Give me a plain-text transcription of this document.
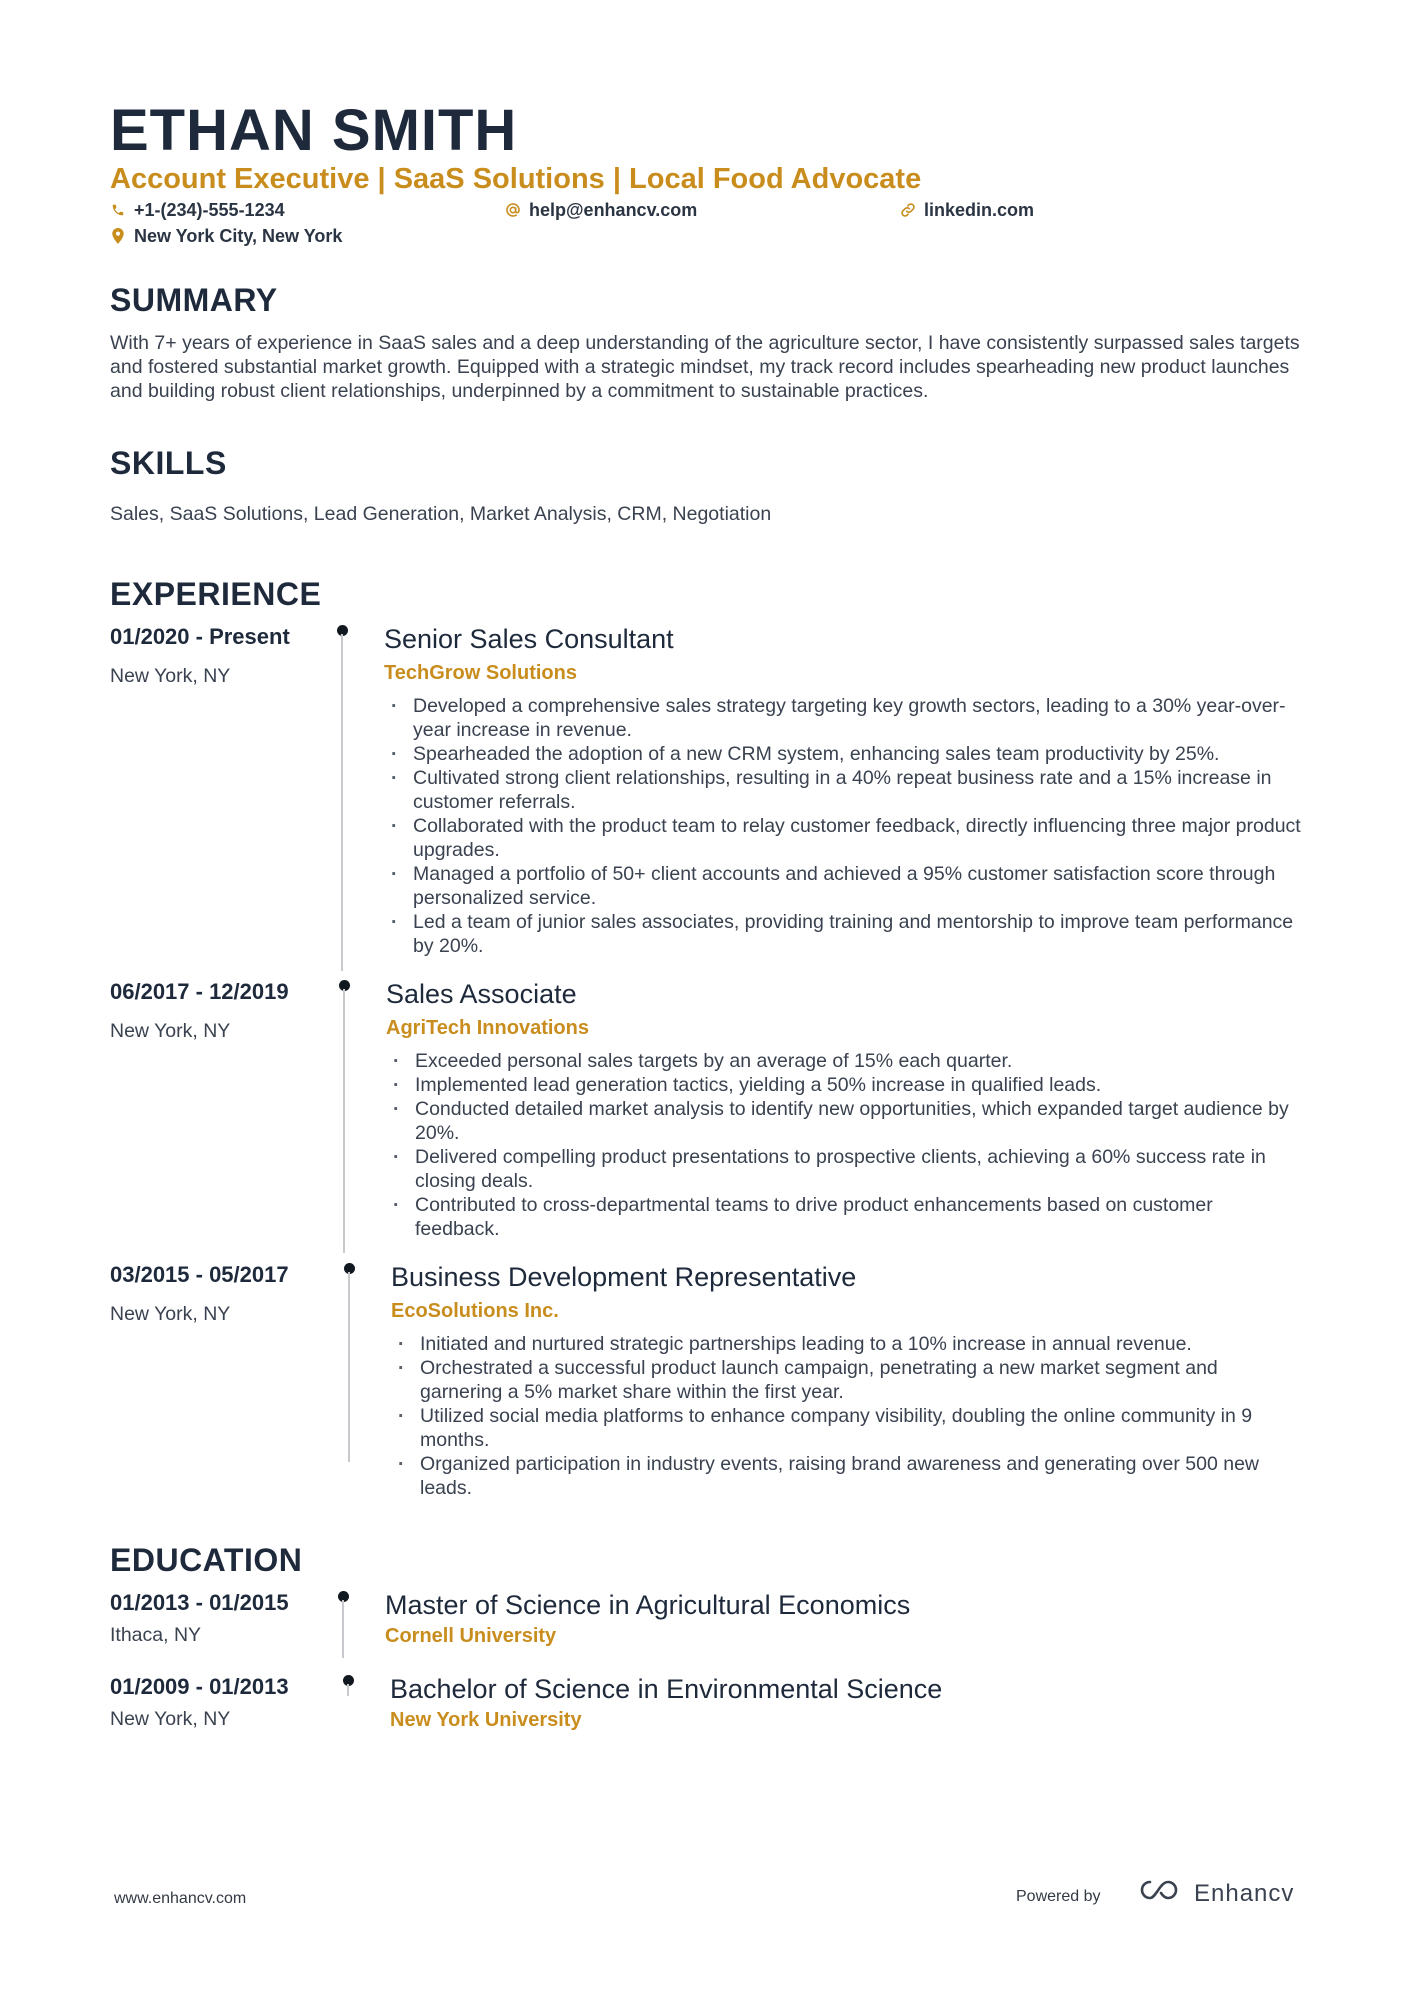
ETHAN SMITH
Account Executive | SaaS Solutions | Local Food Advocate
+1-(234)-555-1234	help@enhancv.com	linkedin.com
New York City, New York
SUMMARY
With 7+ years of experience in SaaS sales and a deep understanding of the agriculture sector, I have consistently surpassed sales targets and fostered substantial market growth. Equipped with a strategic mindset, my track record includes spearheading new product launches and building robust client relationships, underpinned by a commitment to sustainable practices.
SKILLS
Sales, SaaS Solutions, Lead Generation, Market Analysis, CRM, Negotiation
EXPERIENCE
01/2020 - Present
New York, NY
Senior Sales Consultant
TechGrow Solutions
· Developed a comprehensive sales strategy targeting key growth sectors, leading to a 30% year-over-year increase in revenue.
· Spearheaded the adoption of a new CRM system, enhancing sales team productivity by 25%.
· Cultivated strong client relationships, resulting in a 40% repeat business rate and a 15% increase in customer referrals.
· Collaborated with the product team to relay customer feedback, directly influencing three major product upgrades.
· Managed a portfolio of 50+ client accounts and achieved a 95% customer satisfaction score through personalized service.
· Led a team of junior sales associates, providing training and mentorship to improve team performance by 20%.
06/2017 - 12/2019
New York, NY
Sales Associate
AgriTech Innovations
· Exceeded personal sales targets by an average of 15% each quarter.
· Implemented lead generation tactics, yielding a 50% increase in qualified leads.
· Conducted detailed market analysis to identify new opportunities, which expanded target audience by 20%.
· Delivered compelling product presentations to prospective clients, achieving a 60% success rate in closing deals.
· Contributed to cross-departmental teams to drive product enhancements based on customer feedback.
03/2015 - 05/2017
New York, NY
Business Development Representative
EcoSolutions Inc.
· Initiated and nurtured strategic partnerships leading to a 10% increase in annual revenue.
· Orchestrated a successful product launch campaign, penetrating a new market segment and garnering a 5% market share within the first year.
· Utilized social media platforms to enhance company visibility, doubling the online community in 9 months.
· Organized participation in industry events, raising brand awareness and generating over 500 new leads.
EDUCATION
01/2013 - 01/2015
Ithaca, NY
Master of Science in Agricultural Economics
Cornell University
01/2009 - 01/2013
New York, NY
Bachelor of Science in Environmental Science
New York University
www.enhancv.com	Powered by	Enhancv
